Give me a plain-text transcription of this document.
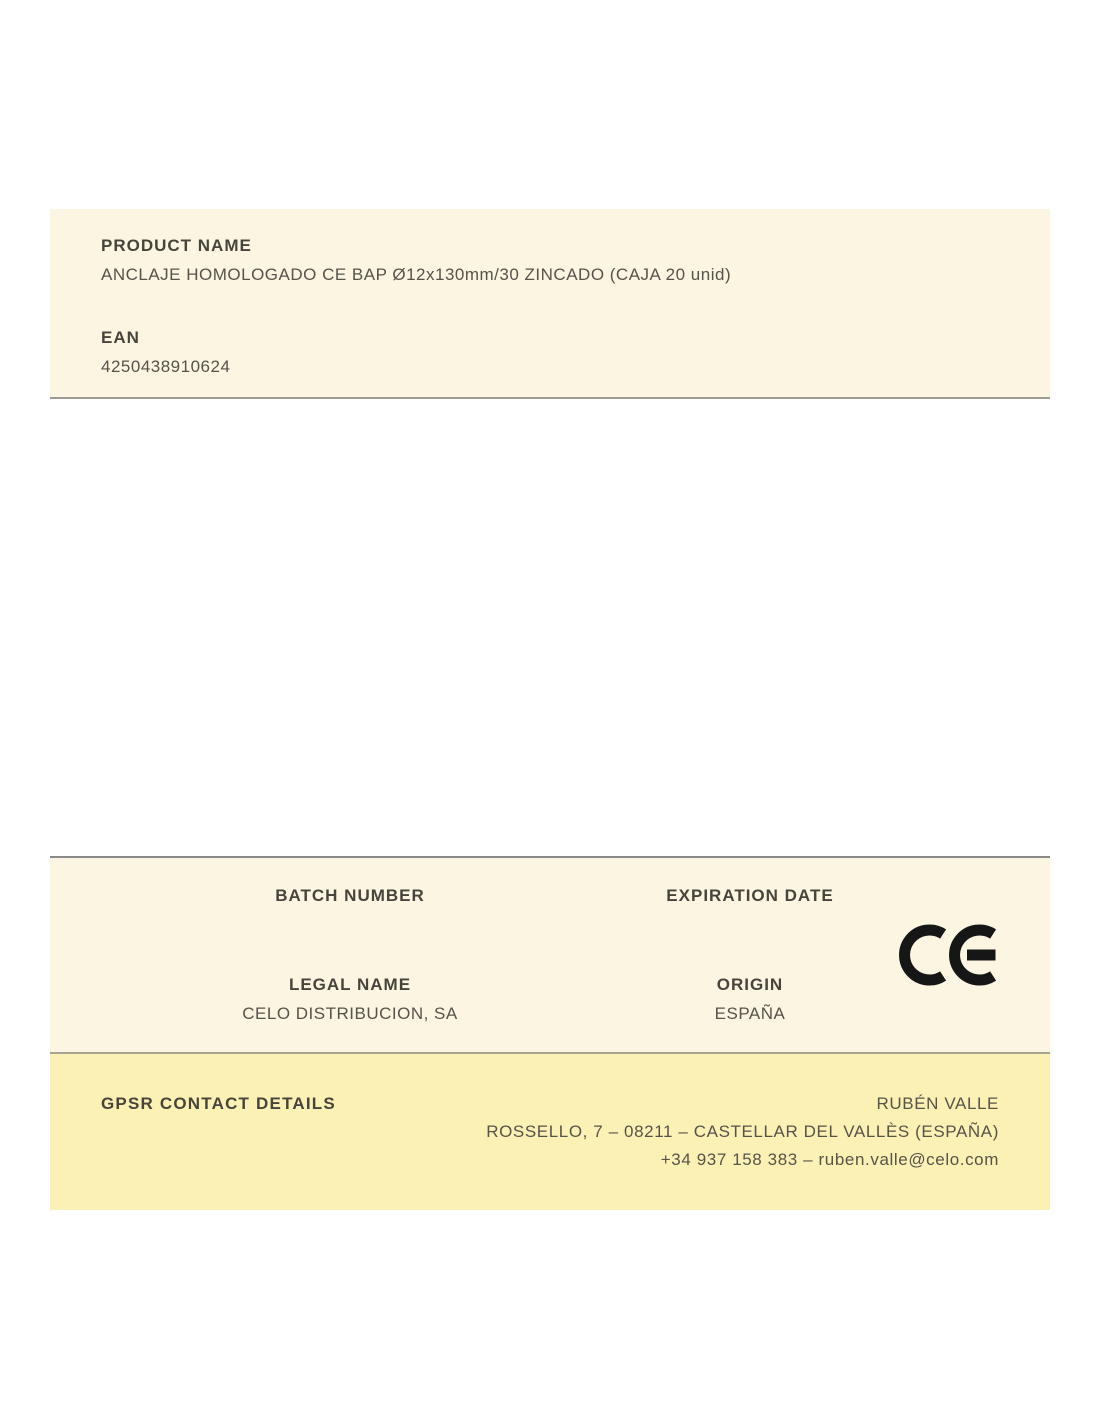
PRODUCT NAME
ANCLAJE HOMOLOGADO CE BAP Ø12x130mm/30 ZINCADO (CAJA 20 unid)
EAN
4250438910624
BATCH NUMBER
LEGAL NAME
CELO DISTRIBUCION, SA
EXPIRATION DATE
ORIGIN
ESPAÑA
GPSR CONTACT DETAILS	RUBÉN VALLE
ROSSELLO, 7 – 08211 – CASTELLAR DEL VALLÈS (ESPAÑA)
+34 937 158 383 – ruben.valle@celo.com
